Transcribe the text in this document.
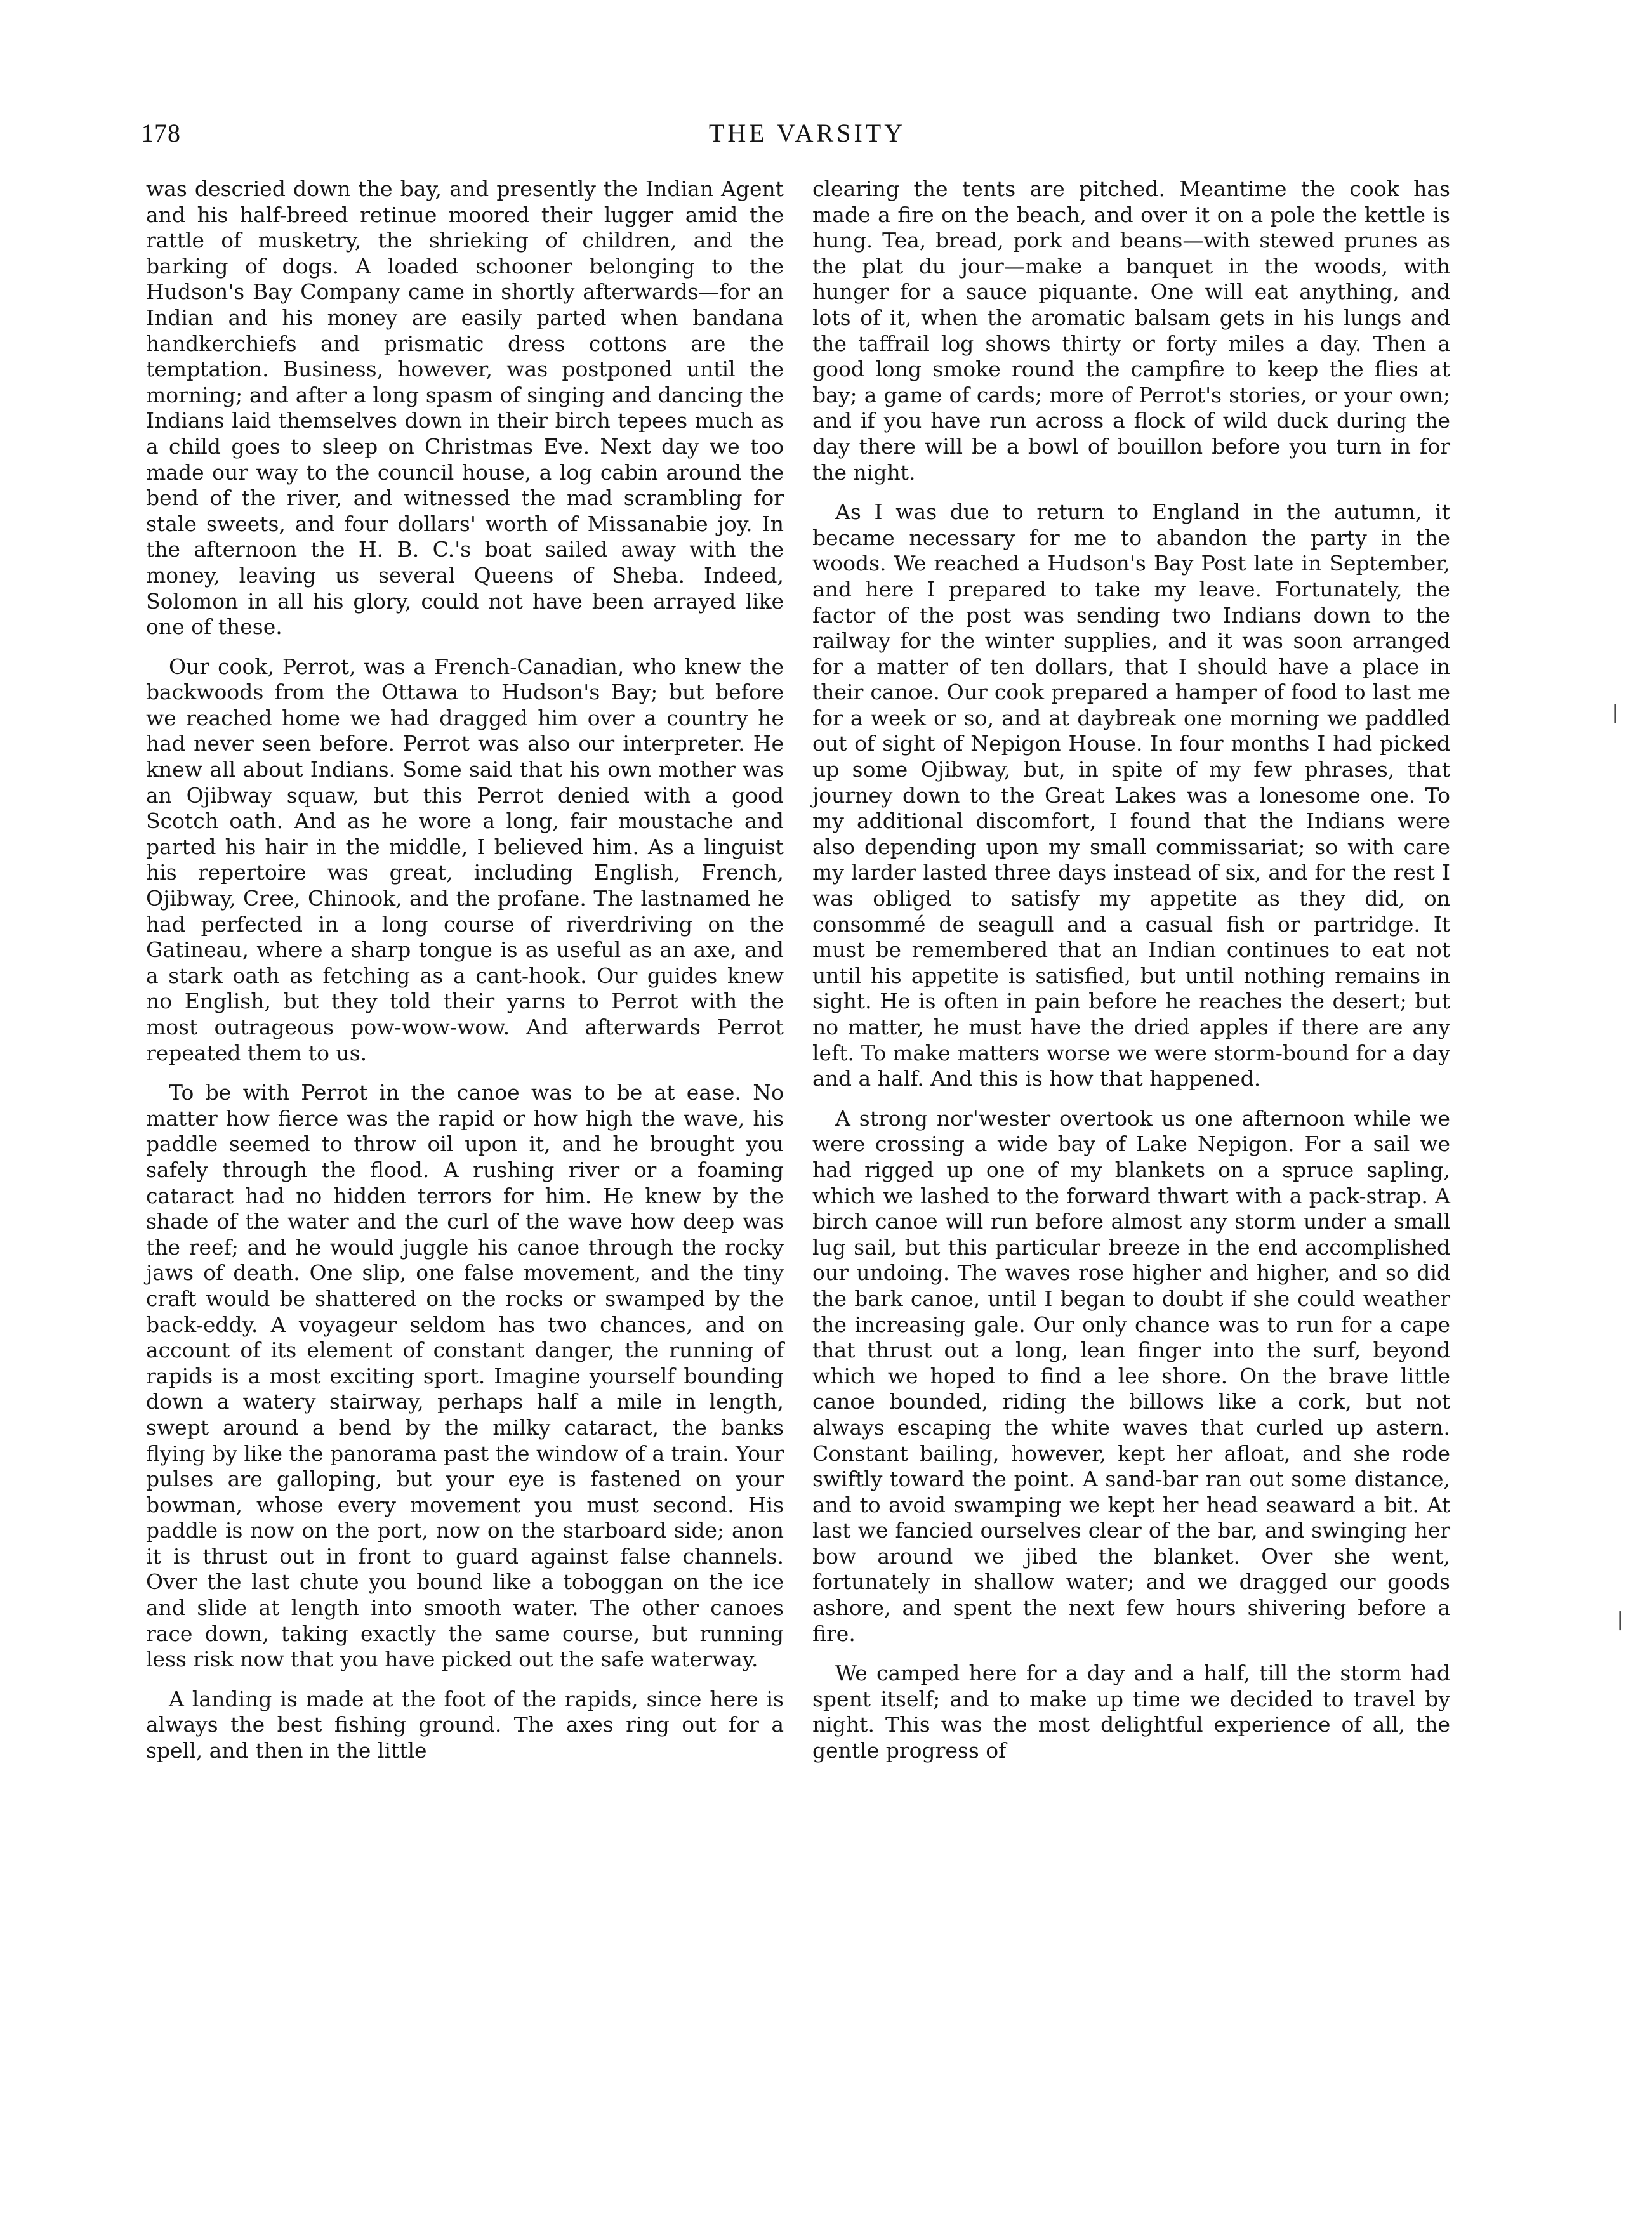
178	THE VARSITY

was descried down the bay, and presently the Indian Agent and his half-breed retinue moored their lugger amid the rattle of musketry, the shrieking of children, and the barking of dogs. A loaded schooner belonging to the Hudson's Bay Company came in shortly afterwards—for an Indian and his money are easily parted when bandana handkerchiefs and prismatic dress cottons are the temptation. Business, however, was postponed until the morning; and after a long spasm of singing and dancing the Indians laid themselves down in their birch tepees much as a child goes to sleep on Christmas Eve. Next day we too made our way to the council house, a log cabin around the bend of the river, and witnessed the mad scrambling for stale sweets, and four dollars' worth of Missanabie joy. In the afternoon the H. B. C.'s boat sailed away with the money, leaving us several Queens of Sheba. Indeed, Solomon in all his glory, could not have been arrayed like one of these.

Our cook, Perrot, was a French-Canadian, who knew the backwoods from the Ottawa to Hudson's Bay; but before we reached home we had dragged him over a country he had never seen before. Perrot was also our interpreter. He knew all about Indians. Some said that his own mother was an Ojibway squaw, but this Perrot denied with a good Scotch oath. And as he wore a long, fair moustache and parted his hair in the middle, I believed him. As a linguist his repertoire was great, including English, French, Ojibway, Cree, Chinook, and the profane. The lastnamed he had perfected in a long course of riverdriving on the Gatineau, where a sharp tongue is as useful as an axe, and a stark oath as fetching as a cant-hook. Our guides knew no English, but they told their yarns to Perrot with the most outrageous pow-wow-wow. And afterwards Perrot repeated them to us.

To be with Perrot in the canoe was to be at ease. No matter how fierce was the rapid or how high the wave, his paddle seemed to throw oil upon it, and he brought you safely through the flood. A rushing river or a foaming cataract had no hidden terrors for him. He knew by the shade of the water and the curl of the wave how deep was the reef; and he would juggle his canoe through the rocky jaws of death. One slip, one false movement, and the tiny craft would be shattered on the rocks or swamped by the back-eddy. A voyageur seldom has two chances, and on account of its element of constant danger, the running of rapids is a most exciting sport. Imagine yourself bounding down a watery stairway, perhaps half a mile in length, swept around a bend by the milky cataract, the banks flying by like the panorama past the window of a train. Your pulses are galloping, but your eye is fastened on your bowman, whose every movement you must second. His paddle is now on the port, now on the starboard side; anon it is thrust out in front to guard against false channels. Over the last chute you bound like a toboggan on the ice and slide at length into smooth water. The other canoes race down, taking exactly the same course, but running less risk now that you have picked out the safe waterway.

A landing is made at the foot of the rapids, since here is always the best fishing ground. The axes ring out for a spell, and then in the little

clearing the tents are pitched. Meantime the cook has made a fire on the beach, and over it on a pole the kettle is hung. Tea, bread, pork and beans—with stewed prunes as the plat du jour—make a banquet in the woods, with hunger for a sauce piquante. One will eat anything, and lots of it, when the aromatic balsam gets in his lungs and the taffrail log shows thirty or forty miles a day. Then a good long smoke round the campfire to keep the flies at bay; a game of cards; more of Perrot's stories, or your own; and if you have run across a flock of wild duck during the day there will be a bowl of bouillon before you turn in for the night.

As I was due to return to England in the autumn, it became necessary for me to abandon the party in the woods. We reached a Hudson's Bay Post late in September, and here I prepared to take my leave. Fortunately, the factor of the post was sending two Indians down to the railway for the winter supplies, and it was soon arranged for a matter of ten dollars, that I should have a place in their canoe. Our cook prepared a hamper of food to last me for a week or so, and at daybreak one morning we paddled out of sight of Nepigon House. In four months I had picked up some Ojibway, but, in spite of my few phrases, that journey down to the Great Lakes was a lonesome one. To my additional discomfort, I found that the Indians were also depending upon my small commissariat; so with care my larder lasted three days instead of six, and for the rest I was obliged to satisfy my appetite as they did, on consommé de seagull and a casual fish or partridge. It must be remembered that an Indian continues to eat not until his appetite is satisfied, but until nothing remains in sight. He is often in pain before he reaches the desert; but no matter, he must have the dried apples if there are any left. To make matters worse we were storm-bound for a day and a half. And this is how that happened.

A strong nor'wester overtook us one afternoon while we were crossing a wide bay of Lake Nepigon. For a sail we had rigged up one of my blankets on a spruce sapling, which we lashed to the forward thwart with a pack-strap. A birch canoe will run before almost any storm under a small lug sail, but this particular breeze in the end accomplished our undoing. The waves rose higher and higher, and so did the bark canoe, until I began to doubt if she could weather the increasing gale. Our only chance was to run for a cape that thrust out a long, lean finger into the surf, beyond which we hoped to find a lee shore. On the brave little canoe bounded, riding the billows like a cork, but not always escaping the white waves that curled up astern. Constant bailing, however, kept her afloat, and she rode swiftly toward the point. A sand-bar ran out some distance, and to avoid swamping we kept her head seaward a bit. At last we fancied ourselves clear of the bar, and swinging her bow around we jibed the blanket. Over she went, fortunately in shallow water; and we dragged our goods ashore, and spent the next few hours shivering before a fire.

We camped here for a day and a half, till the storm had spent itself; and to make up time we decided to travel by night. This was the most delightful experience of all, the gentle progress of

❘
❘
